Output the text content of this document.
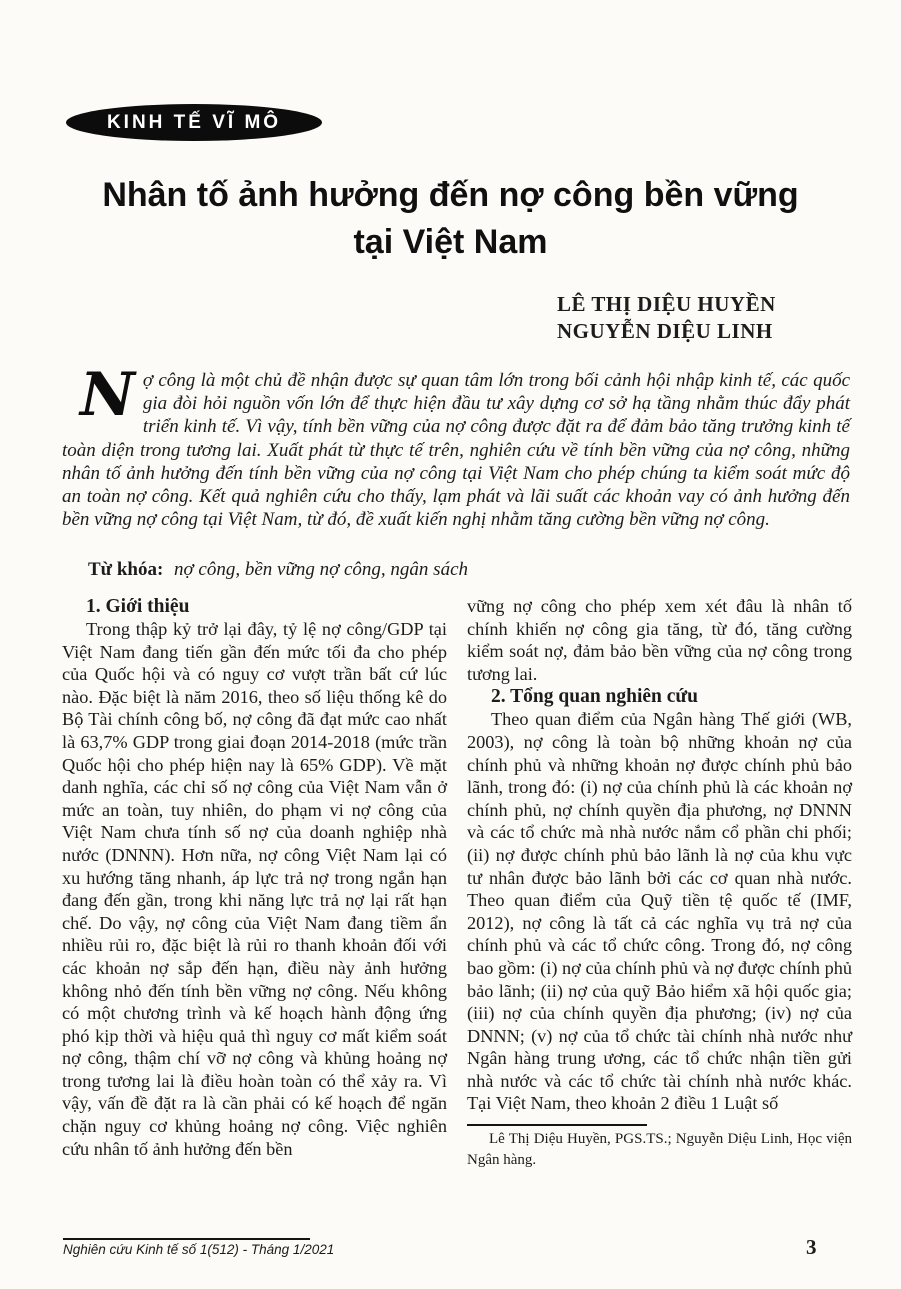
KINH TẾ VĨ MÔ
Nhân tố ảnh hưởng đến nợ công bền vững
tại Việt Nam
LÊ THỊ DIỆU HUYỀN
NGUYỄN DIỆU LINH
N ợ công là một chủ đề nhận được sự quan tâm lớn trong bối cảnh hội nhập kinh tế, các quốc gia đòi hỏi nguồn vốn lớn để thực hiện đầu tư xây dựng cơ sở hạ tầng nhằm thúc đẩy phát triển kinh tế. Vì vậy, tính bền vững của nợ công được đặt ra để đảm bảo tăng trưởng kinh tế toàn diện trong tương lai. Xuất phát từ thực tế trên, nghiên cứu về tính bền vững của nợ công, những nhân tố ảnh hưởng đến tính bền vững của nợ công tại Việt Nam cho phép chúng ta kiểm soát mức độ an toàn nợ công. Kết quả nghiên cứu cho thấy, lạm phát và lãi suất các khoản vay có ảnh hưởng đến bền vững nợ công tại Việt Nam, từ đó, đề xuất kiến nghị nhằm tăng cường bền vững nợ công.
Từ khóa: nợ công, bền vững nợ công, ngân sách
1. Giới thiệu

Trong thập kỷ trở lại đây, tỷ lệ nợ công/GDP tại Việt Nam đang tiến gần đến mức tối đa cho phép của Quốc hội và có nguy cơ vượt trần bất cứ lúc nào. Đặc biệt là năm 2016, theo số liệu thống kê do Bộ Tài chính công bố, nợ công đã đạt mức cao nhất là 63,7% GDP trong giai đoạn 2014-2018 (mức trần Quốc hội cho phép hiện nay là 65% GDP). Về mặt danh nghĩa, các chỉ số nợ công của Việt Nam vẫn ở mức an toàn, tuy nhiên, do phạm vi nợ công của Việt Nam chưa tính số nợ của doanh nghiệp nhà nước (DNNN). Hơn nữa, nợ công Việt Nam lại có xu hướng tăng nhanh, áp lực trả nợ trong ngắn hạn đang đến gần, trong khi năng lực trả nợ lại rất hạn chế. Do vậy, nợ công của Việt Nam đang tiềm ẩn nhiều rủi ro, đặc biệt là rủi ro thanh khoản đối với các khoản nợ sắp đến hạn, điều này ảnh hưởng không nhỏ đến tính bền vững nợ công. Nếu không có một chương trình và kế hoạch hành động ứng phó kịp thời và hiệu quả thì nguy cơ mất kiểm soát nợ công, thậm chí vỡ nợ công và khủng hoảng nợ trong tương lai là điều hoàn toàn có thể xảy ra. Vì vậy, vấn đề đặt ra là cần phải có kế hoạch để ngăn chặn nguy cơ khủng hoảng nợ công. Việc nghiên cứu nhân tố ảnh hưởng đến bền

vững nợ công cho phép xem xét đâu là nhân tố chính khiến nợ công gia tăng, từ đó, tăng cường kiểm soát nợ, đảm bảo bền vững của nợ công trong tương lai.

2. Tổng quan nghiên cứu

Theo quan điểm của Ngân hàng Thế giới (WB, 2003), nợ công là toàn bộ những khoản nợ của chính phủ và những khoản nợ được chính phủ bảo lãnh, trong đó: (i) nợ của chính phủ là các khoản nợ chính phủ, nợ chính quyền địa phương, nợ DNNN và các tổ chức mà nhà nước nắm cổ phần chi phối; (ii) nợ được chính phủ bảo lãnh là nợ của khu vực tư nhân được bảo lãnh bởi các cơ quan nhà nước. Theo quan điểm của Quỹ tiền tệ quốc tế (IMF, 2012), nợ công là tất cả các nghĩa vụ trả nợ của chính phủ và các tổ chức công. Trong đó, nợ công bao gồm: (i) nợ của chính phủ và nợ được chính phủ bảo lãnh; (ii) nợ của quỹ Bảo hiểm xã hội quốc gia; (iii) nợ của chính quyền địa phương; (iv) nợ của DNNN; (v) nợ của tổ chức tài chính nhà nước như Ngân hàng trung ương, các tổ chức nhận tiền gửi nhà nước và các tổ chức tài chính nhà nước khác. Tại Việt Nam, theo khoản 2 điều 1 Luật số

Lê Thị Diệu Huyền, PGS.TS.; Nguyễn Diệu Linh, Học viện Ngân hàng.

Nghiên cứu Kinh tế số 1(512) - Tháng 1/2021	3
